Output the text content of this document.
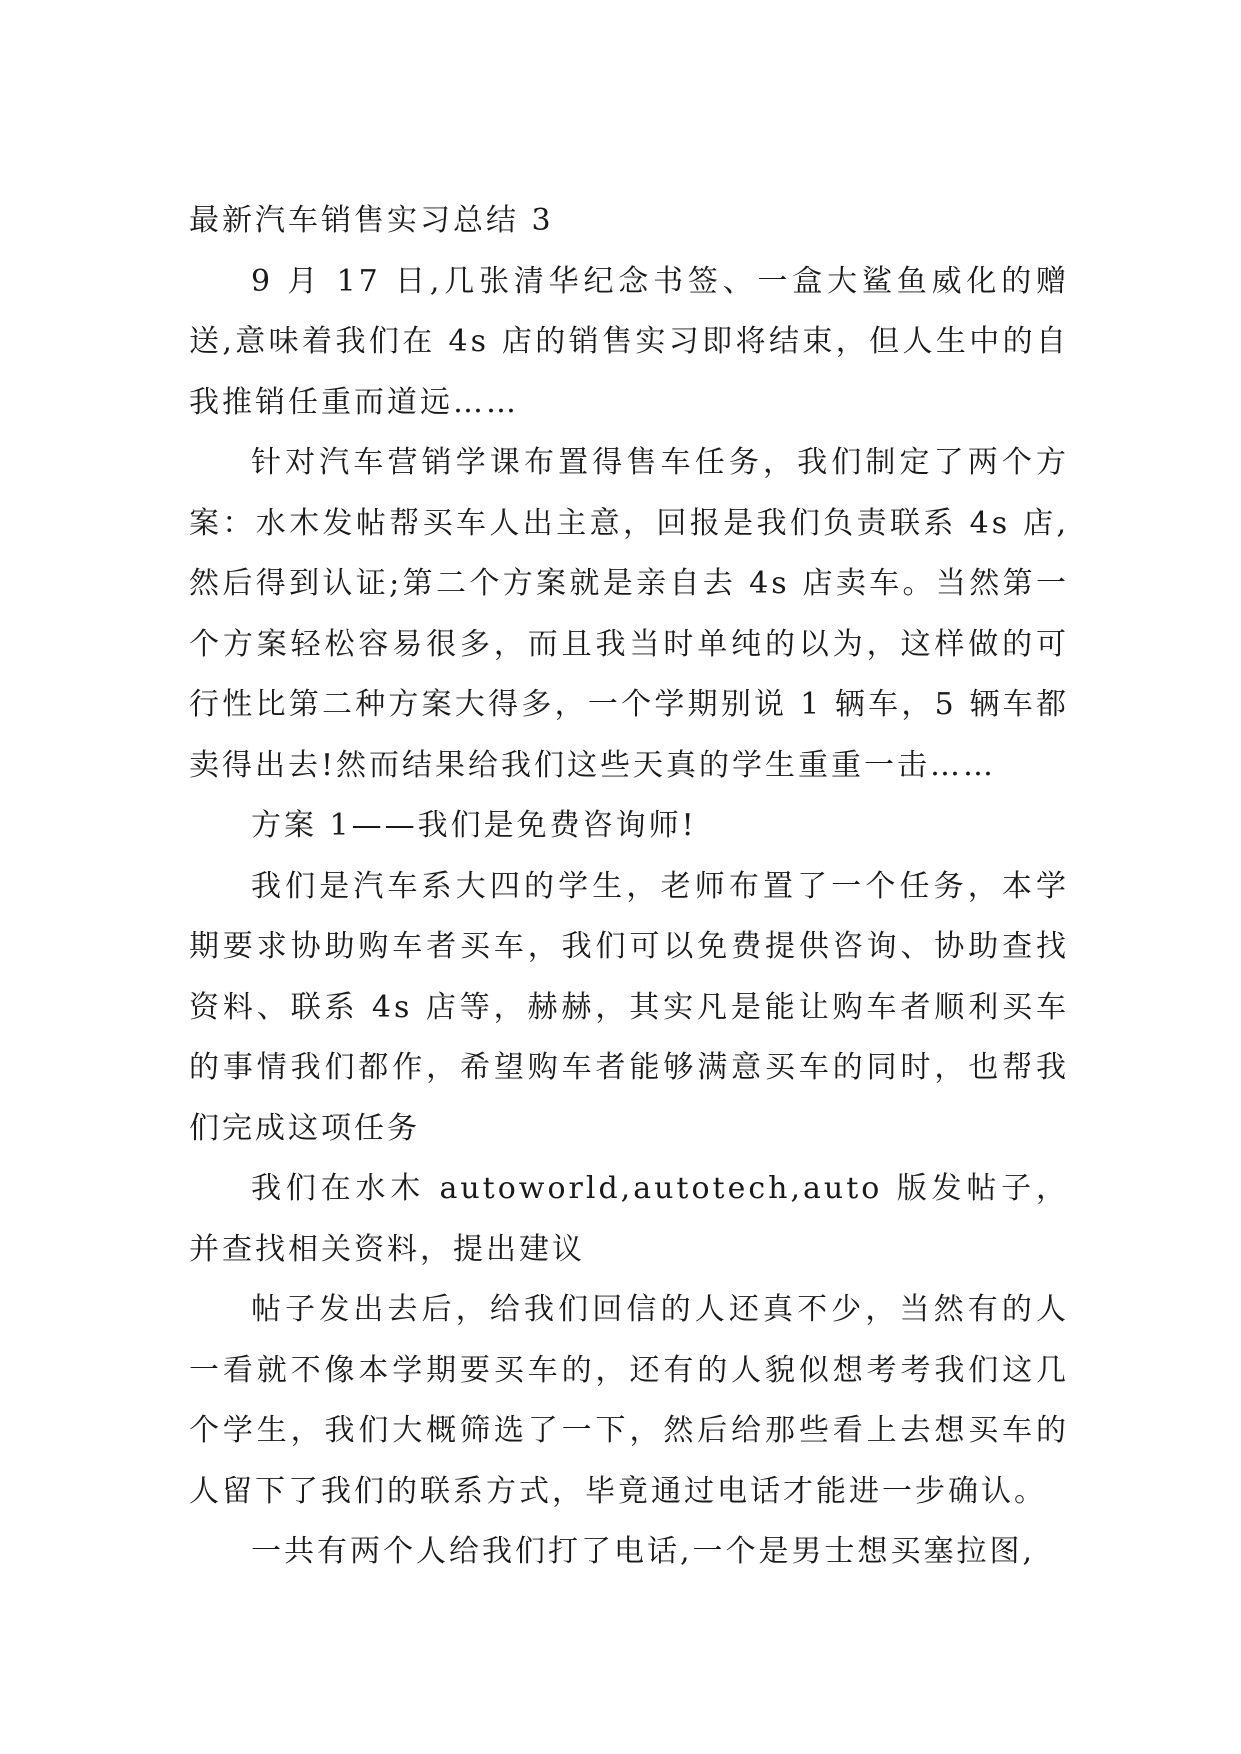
最新汽车销售实习总结 3

9 月 17 日,几张清华纪念书签、一盒大鲨鱼威化的赠送,意味着我们在 4s 店的销售实习即将结束，但人生中的自我推销任重而道远……

针对汽车营销学课布置得售车任务，我们制定了两个方案：水木发帖帮买车人出主意，回报是我们负责联系 4s 店,然后得到认证;第二个方案就是亲自去 4s 店卖车。当然第一个方案轻松容易很多，而且我当时单纯的以为，这样做的可行性比第二种方案大得多，一个学期别说 1 辆车，5 辆车都卖得出去!然而结果给我们这些天真的学生重重一击……

方案 1——我们是免费咨询师!

我们是汽车系大四的学生，老师布置了一个任务，本学期要求协助购车者买车，我们可以免费提供咨询、协助查找资料、联系 4s 店等，赫赫，其实凡是能让购车者顺利买车的事情我们都作，希望购车者能够满意买车的同时，也帮我们完成这项任务

我们在水木 autoworld,autotech,auto 版发帖子，并查找相关资料，提出建议

帖子发出去后，给我们回信的人还真不少，当然有的人一看就不像本学期要买车的，还有的人貌似想考考我们这几个学生，我们大概筛选了一下，然后给那些看上去想买车的人留下了我们的联系方式，毕竟通过电话才能进一步确认。

一共有两个人给我们打了电话,一个是男士想买塞拉图,
